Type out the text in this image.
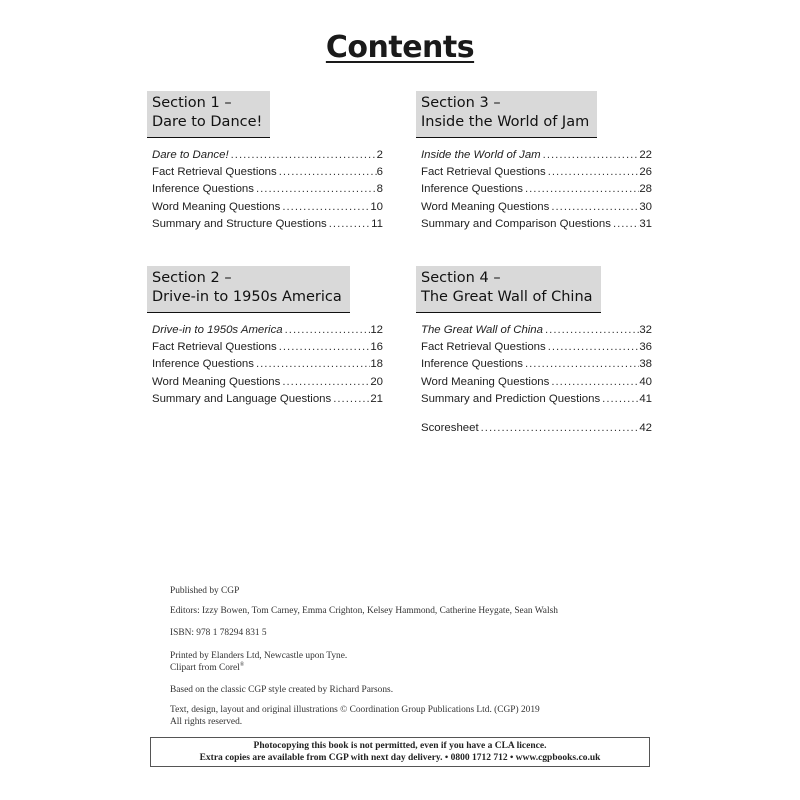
Contents
Section 1 –
Dare to Dance!
Dare to Dance! .....	2
Fact Retrieval Questions .....	6
Inference Questions .....	8
Word Meaning Questions .....	10
Summary and Structure Questions .....	11
Section 3 –
Inside the World of Jam
Inside the World of Jam .....	22
Fact Retrieval Questions .....	26
Inference Questions .....	28
Word Meaning Questions .....	30
Summary and Comparison Questions ..... 31
Section 2 –
Drive-in to 1950s America
Drive-in to 1950s America .....	12
Fact Retrieval Questions .....	16
Inference Questions .....	18
Word Meaning Questions .....	20
Summary and Language Questions .....	21
Section 4 –
The Great Wall of China
The Great Wall of China .....	32
Fact Retrieval Questions .....	36
Inference Questions .....	38
Word Meaning Questions .....	40
Summary and Prediction Questions .....	41
Scoresheet .....	42

Published by CGP

Editors: Izzy Bowen, Tom Carney, Emma Crighton, Kelsey Hammond, Catherine Heygate, Sean Walsh

ISBN: 978 1 78294 831 5

Printed by Elanders Ltd, Newcastle upon Tyne.

Clipart from Corel®

Based on the classic CGP style created by Richard Parsons.

Text, design, layout and original illustrations © Coordination Group Publications Ltd. (CGP) 2019

All rights reserved.

Photocopying this book is not permitted, even if you have a CLA licence.
Extra copies are available from CGP with next day delivery. • 0800 1712 712 • www.cgpbooks.co.uk
